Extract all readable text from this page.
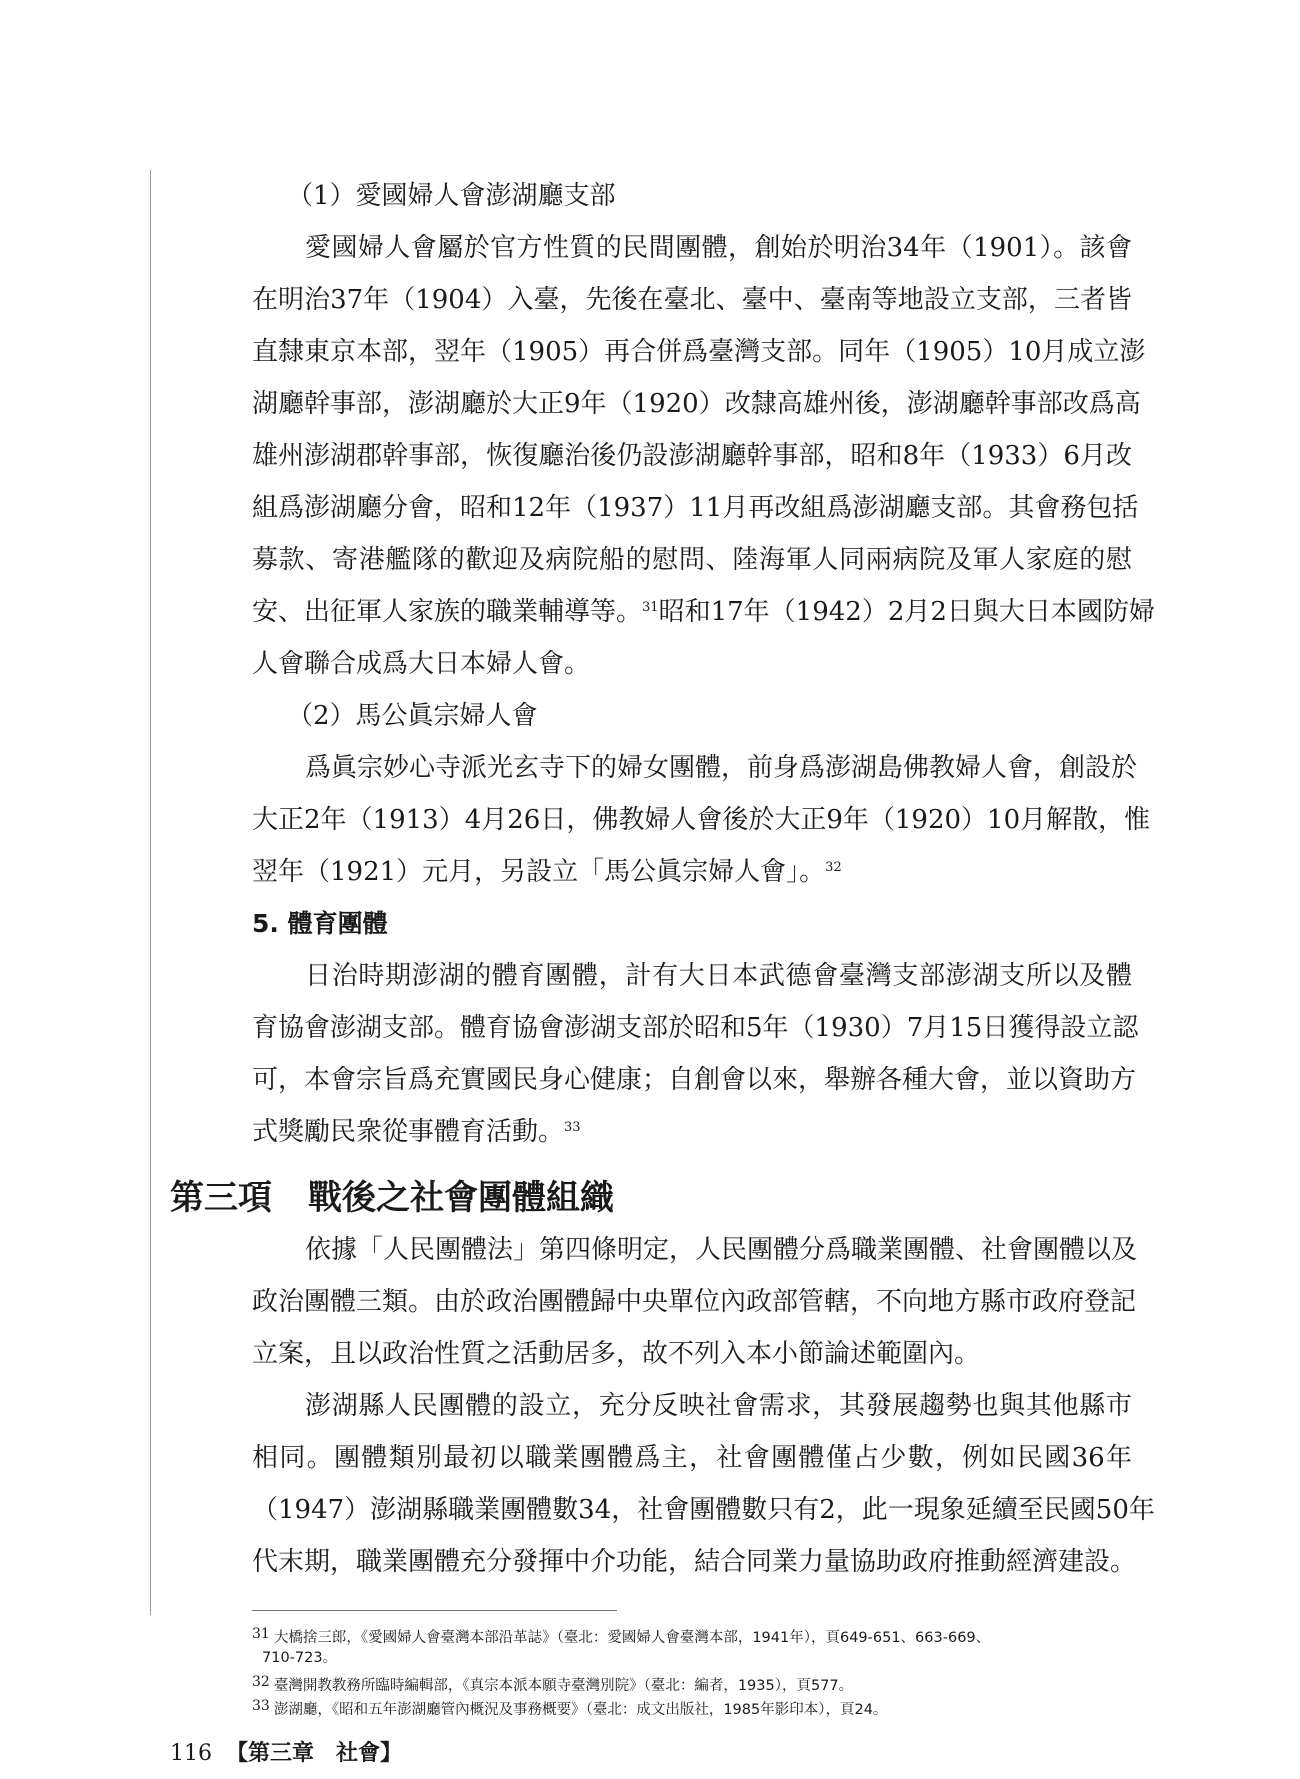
（1）愛國婦人會澎湖廳支部
愛國婦人會屬於官方性質的民間團體，創始於明治34年（1901）。該會
在明治37年（1904）入臺，先後在臺北、臺中、臺南等地設立支部，三者皆
直隸東京本部，翌年（1905）再合併爲臺灣支部。同年（1905）10月成立澎
湖廳幹事部，澎湖廳於大正9年（1920）改隸高雄州後，澎湖廳幹事部改爲高
雄州澎湖郡幹事部，恢復廳治後仍設澎湖廳幹事部，昭和8年（1933）6月改
組爲澎湖廳分會，昭和12年（1937）11月再改組爲澎湖廳支部。其會務包括
募款、寄港艦隊的歡迎及病院船的慰問、陸海軍人同兩病院及軍人家庭的慰
安、出征軍人家族的職業輔導等。$^{31}$昭和17年（1942）2月2日與大日本國防婦
人會聯合成爲大日本婦人會。
（2）馬公眞宗婦人會
爲眞宗妙心寺派光玄寺下的婦女團體，前身爲澎湖島佛教婦人會，創設於
大正2年（1913）4月26日，佛教婦人會後於大正9年（1920）10月解散，惟
翌年（1921）元月，另設立「馬公眞宗婦人會」。$^{32}$
5. 體育團體
日治時期澎湖的體育團體，計有大日本武德會臺灣支部澎湖支所以及體
育協會澎湖支部。體育協會澎湖支部於昭和5年（1930）7月15日獲得設立認
可，本會宗旨爲充實國民身心健康；自創會以來，舉辦各種大會，並以資助方
式獎勵民衆從事體育活動。$^{33}$
第三項 戰後之社會團體組織
依據「人民團體法」第四條明定，人民團體分爲職業團體、社會團體以及
政治團體三類。由於政治團體歸中央單位內政部管轄，不向地方縣市政府登記
立案，且以政治性質之活動居多，故不列入本小節論述範圍內。
澎湖縣人民團體的設立，充分反映社會需求，其發展趨勢也與其他縣市
相同。團體類別最初以職業團體爲主，社會團體僅占少數，例如民國36年
（1947）澎湖縣職業團體數34，社會團體數只有2，此一現象延續至民國50年
代末期，職業團體充分發揮中介功能，結合同業力量協助政府推動經濟建設。
31 大橋捨三郎，《愛國婦人會臺灣本部沿革誌》（臺北：愛國婦人會臺灣本部，1941年），頁649-651、663-669、
710-723。
32 臺灣開教教務所臨時編輯部，《真宗本派本願寺臺灣別院》（臺北：編者，1935），頁577。
33 澎湖廳，《昭和五年澎湖廳管內概況及事務概要》（臺北：成文出版社，1985年影印本），頁24。
116 【第三章　社會】
